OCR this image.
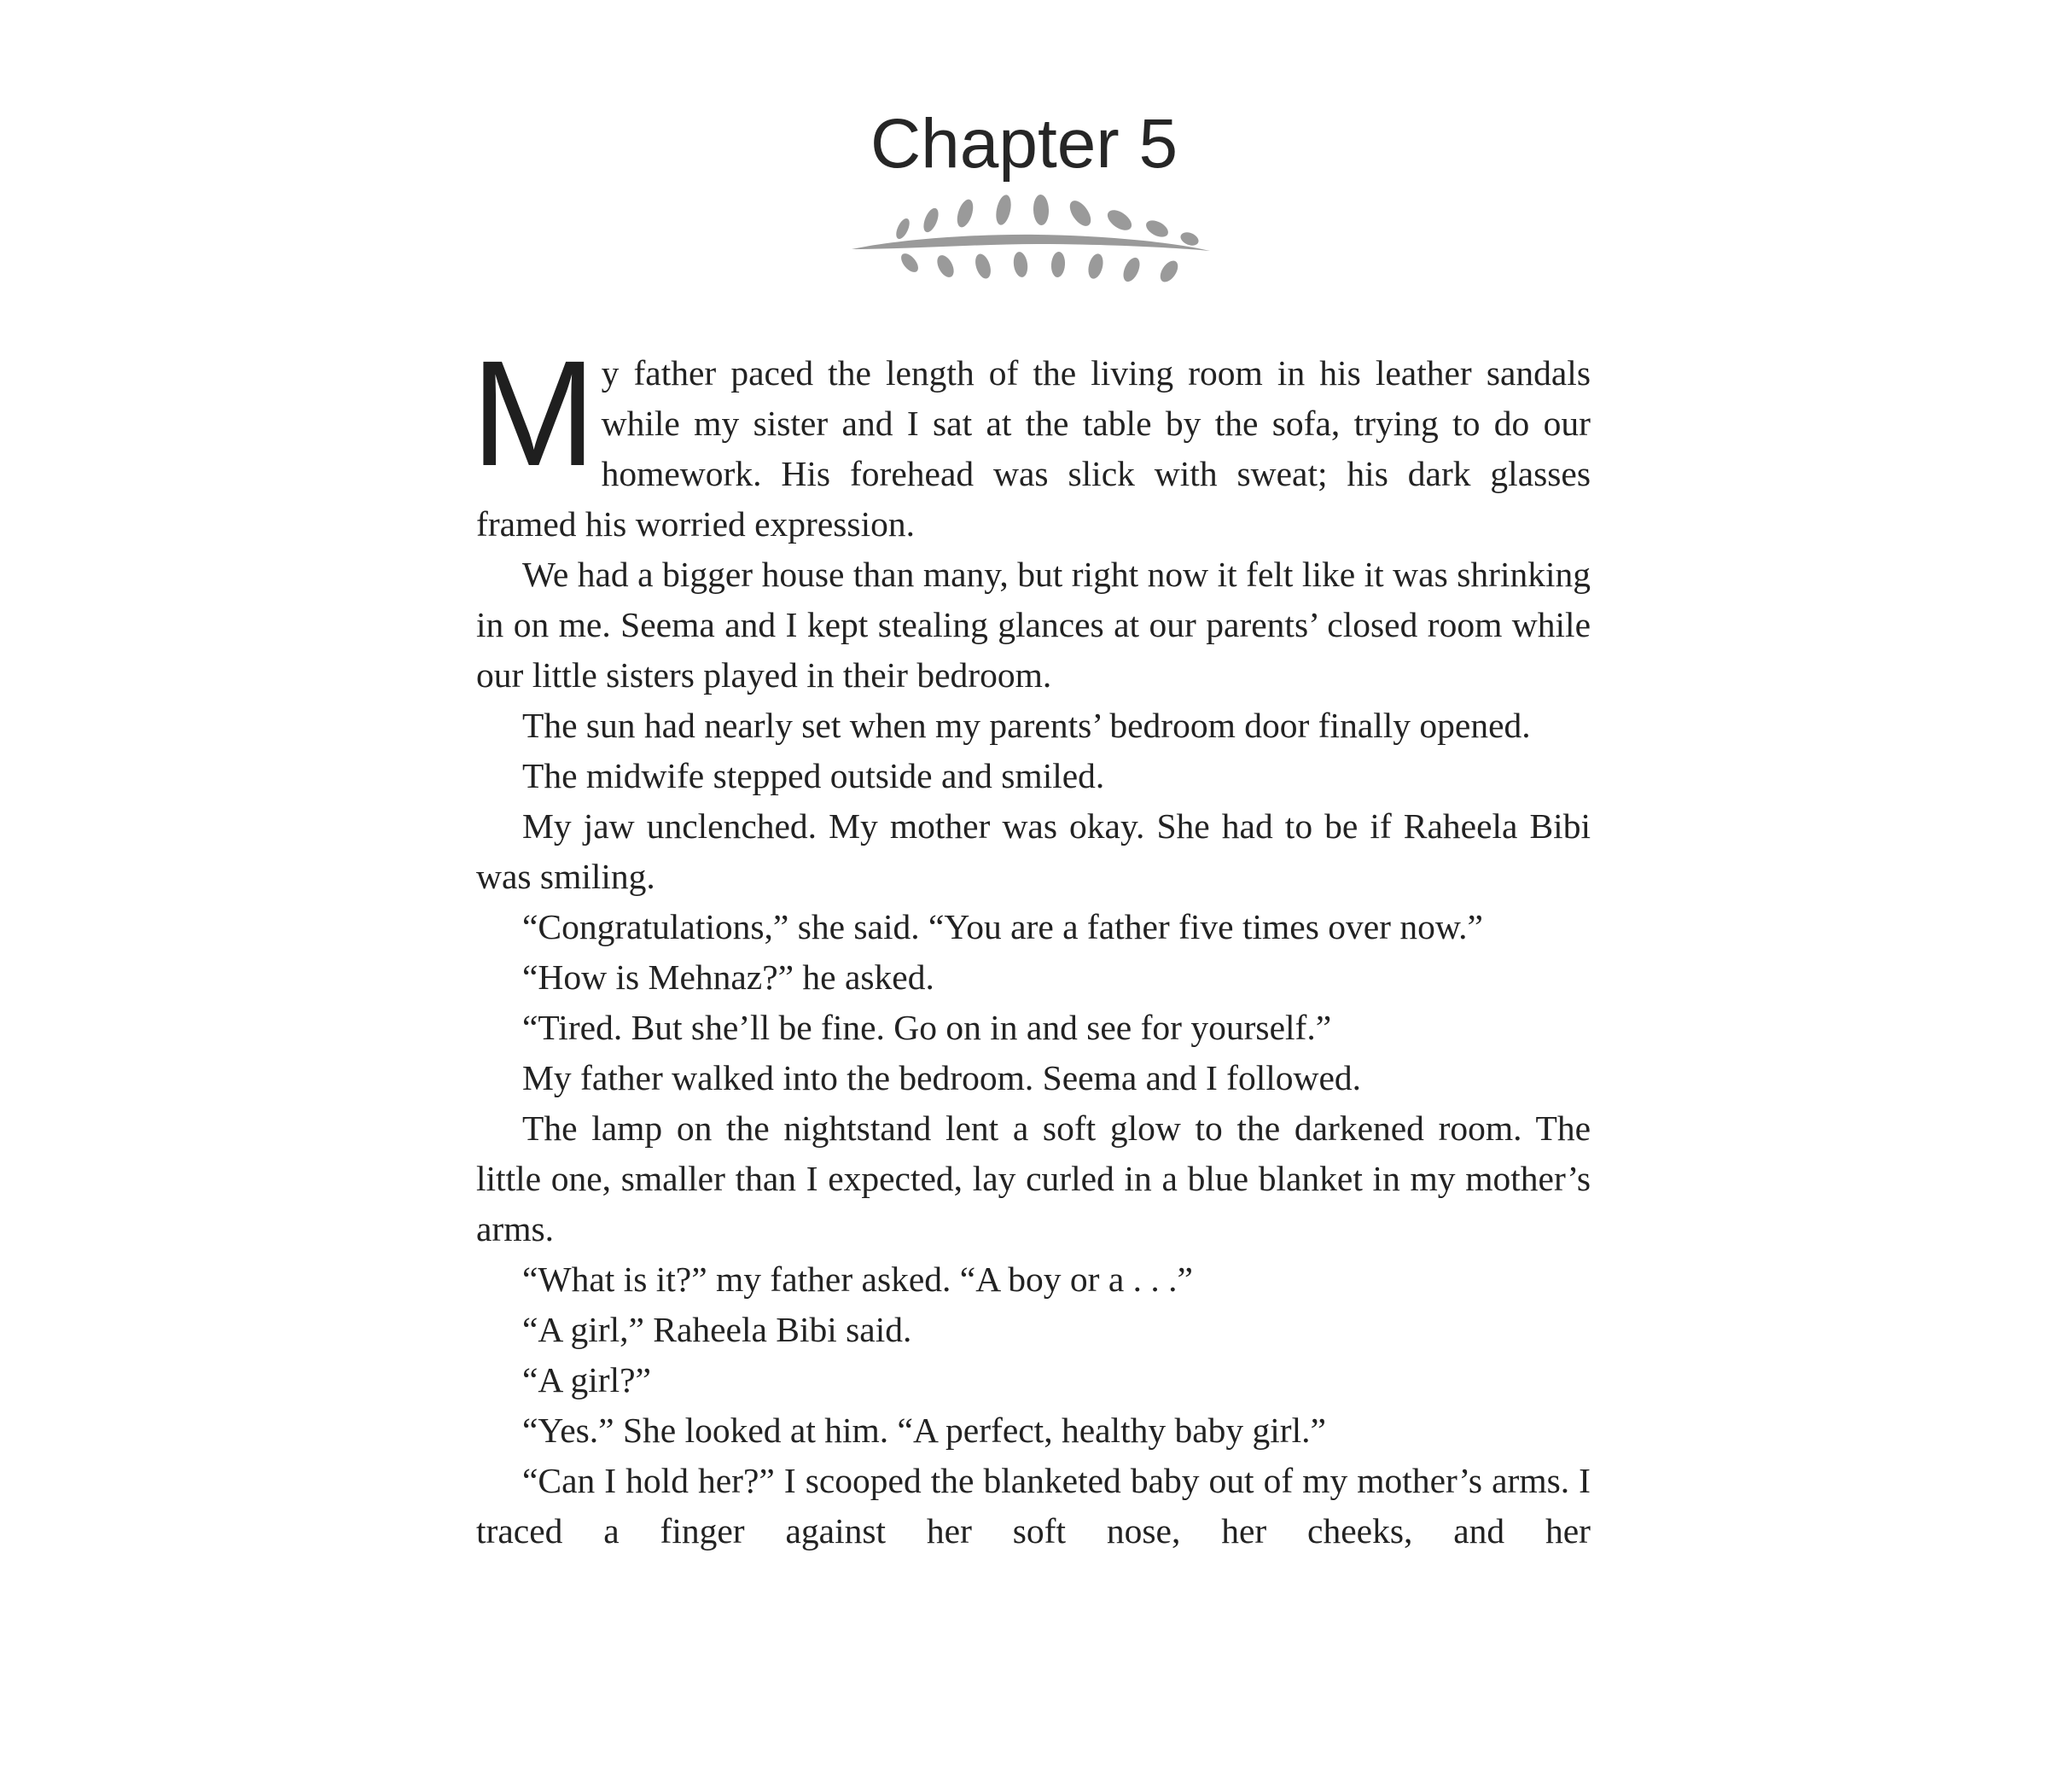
Chapter 5

My father paced the length of the living room in his leather sandals while my sister and I sat at the table by the sofa, trying to do our homework. His forehead was slick with sweat; his dark glasses framed his worried expression.

We had a bigger house than many, but right now it felt like it was shrinking in on me. Seema and I kept stealing glances at our parents’ closed room while our little sisters played in their bedroom.

The sun had nearly set when my parents’ bedroom door finally opened.

The midwife stepped outside and smiled.

My jaw unclenched. My mother was okay. She had to be if Raheela Bibi was smiling.

“Congratulations,” she said. “You are a father five times over now.”

“How is Mehnaz?” he asked.

“Tired. But she’ll be fine. Go on in and see for yourself.”

My father walked into the bedroom. Seema and I followed.

The lamp on the nightstand lent a soft glow to the darkened room. The little one, smaller than I expected, lay curled in a blue blanket in my mother’s arms.

“What is it?” my father asked. “A boy or a . . .”

“A girl,” Raheela Bibi said.

“A girl?”

“Yes.” She looked at him. “A perfect, healthy baby girl.”

“Can I hold her?” I scooped the blanketed baby out of my mother’s arms. I traced a finger against her soft nose, her cheeks, and her
